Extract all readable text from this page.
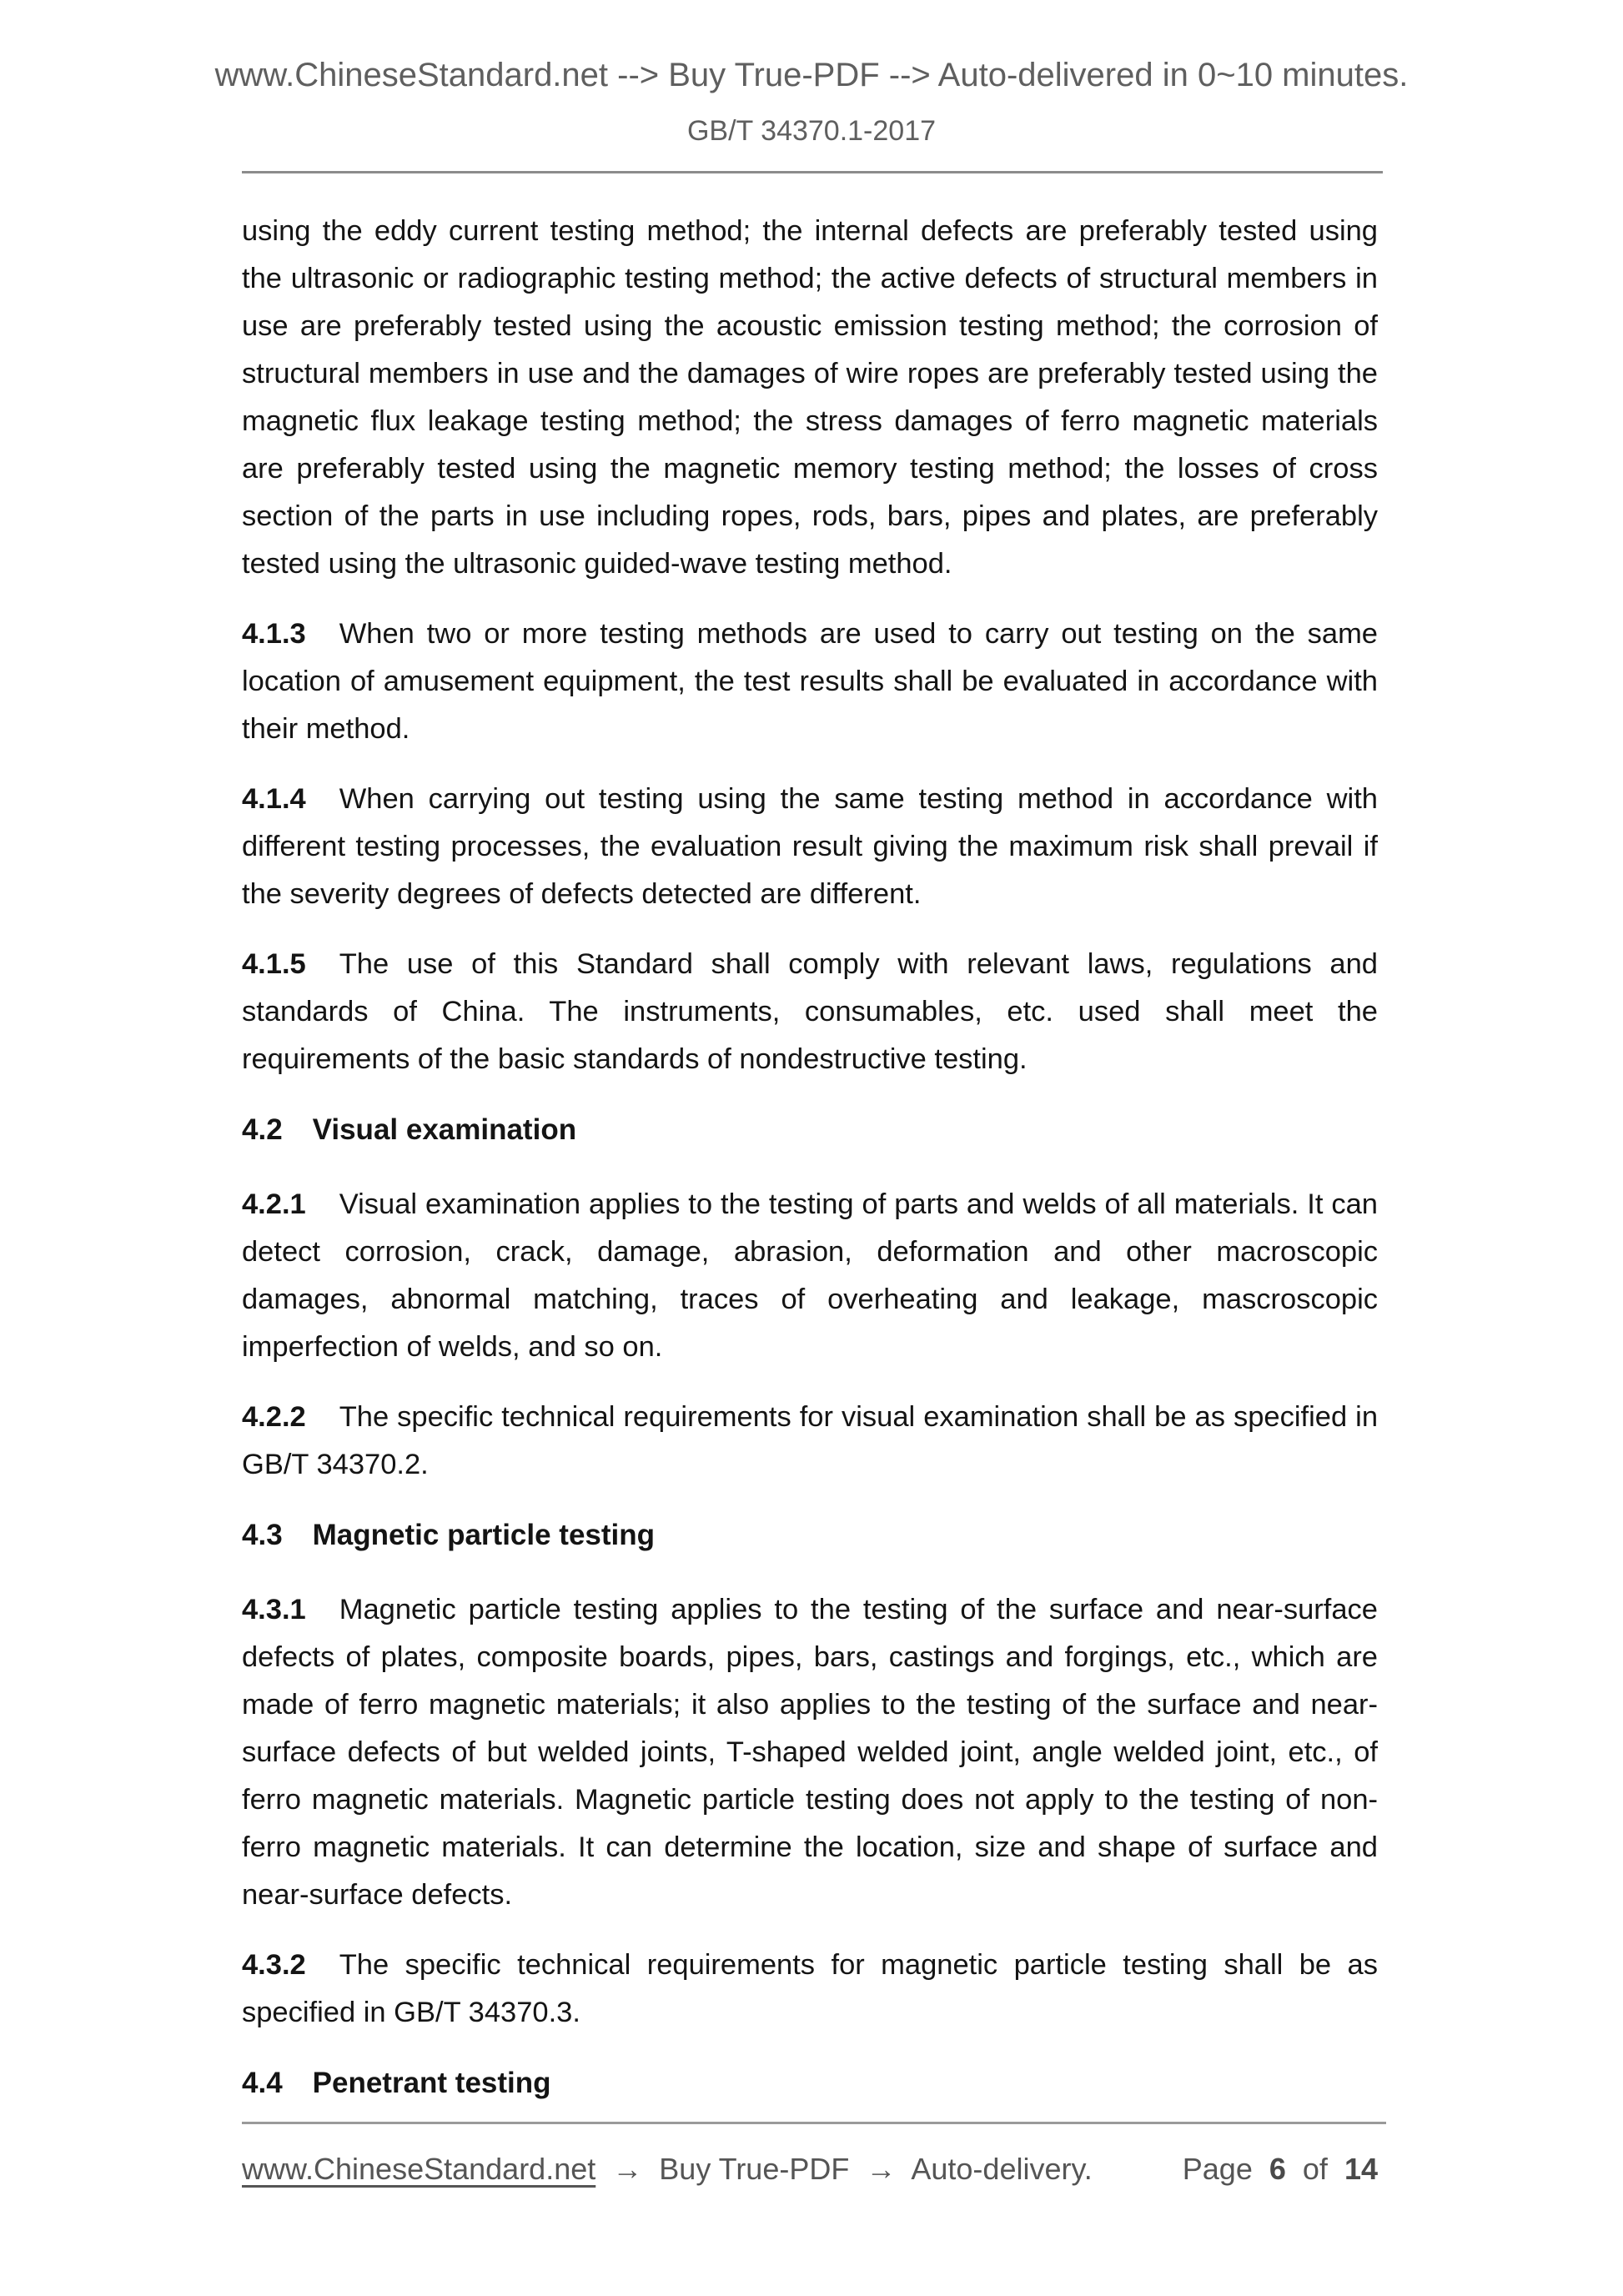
www.ChineseStandard.net --> Buy True-PDF --> Auto-delivered in 0~10 minutes.
GB/T 34370.1-2017

using the eddy current testing method; the internal defects are preferably tested using the ultrasonic or radiographic testing method; the active defects of structural members in use are preferably tested using the acoustic emission testing method; the corrosion of structural members in use and the damages of wire ropes are preferably tested using the magnetic flux leakage testing method; the stress damages of ferro magnetic materials are preferably tested using the magnetic memory testing method; the losses of cross section of the parts in use including ropes, rods, bars, pipes and plates, are preferably tested using the ultrasonic guided-wave testing method.

4.1.3 When two or more testing methods are used to carry out testing on the same location of amusement equipment, the test results shall be evaluated in accordance with their method.

4.1.4 When carrying out testing using the same testing method in accordance with different testing processes, the evaluation result giving the maximum risk shall prevail if the severity degrees of defects detected are different.

4.1.5 The use of this Standard shall comply with relevant laws, regulations and standards of China. The instruments, consumables, etc. used shall meet the requirements of the basic standards of nondestructive testing.

4.2 Visual examination

4.2.1 Visual examination applies to the testing of parts and welds of all materials. It can detect corrosion, crack, damage, abrasion, deformation and other macroscopic damages, abnormal matching, traces of overheating and leakage, mascroscopic imperfection of welds, and so on.

4.2.2 The specific technical requirements for visual examination shall be as specified in GB/T 34370.2.

4.3 Magnetic particle testing

4.3.1 Magnetic particle testing applies to the testing of the surface and near-surface defects of plates, composite boards, pipes, bars, castings and forgings, etc., which are made of ferro magnetic materials; it also applies to the testing of the surface and near-surface defects of but welded joints, T-shaped welded joint, angle welded joint, etc., of ferro magnetic materials. Magnetic particle testing does not apply to the testing of non-ferro magnetic materials. It can determine the location, size and shape of surface and near-surface defects.

4.3.2 The specific technical requirements for magnetic particle testing shall be as specified in GB/T 34370.3.

4.4 Penetrant testing

www.ChineseStandard.net → Buy True-PDF → Auto-delivery.	Page 6 of 14
